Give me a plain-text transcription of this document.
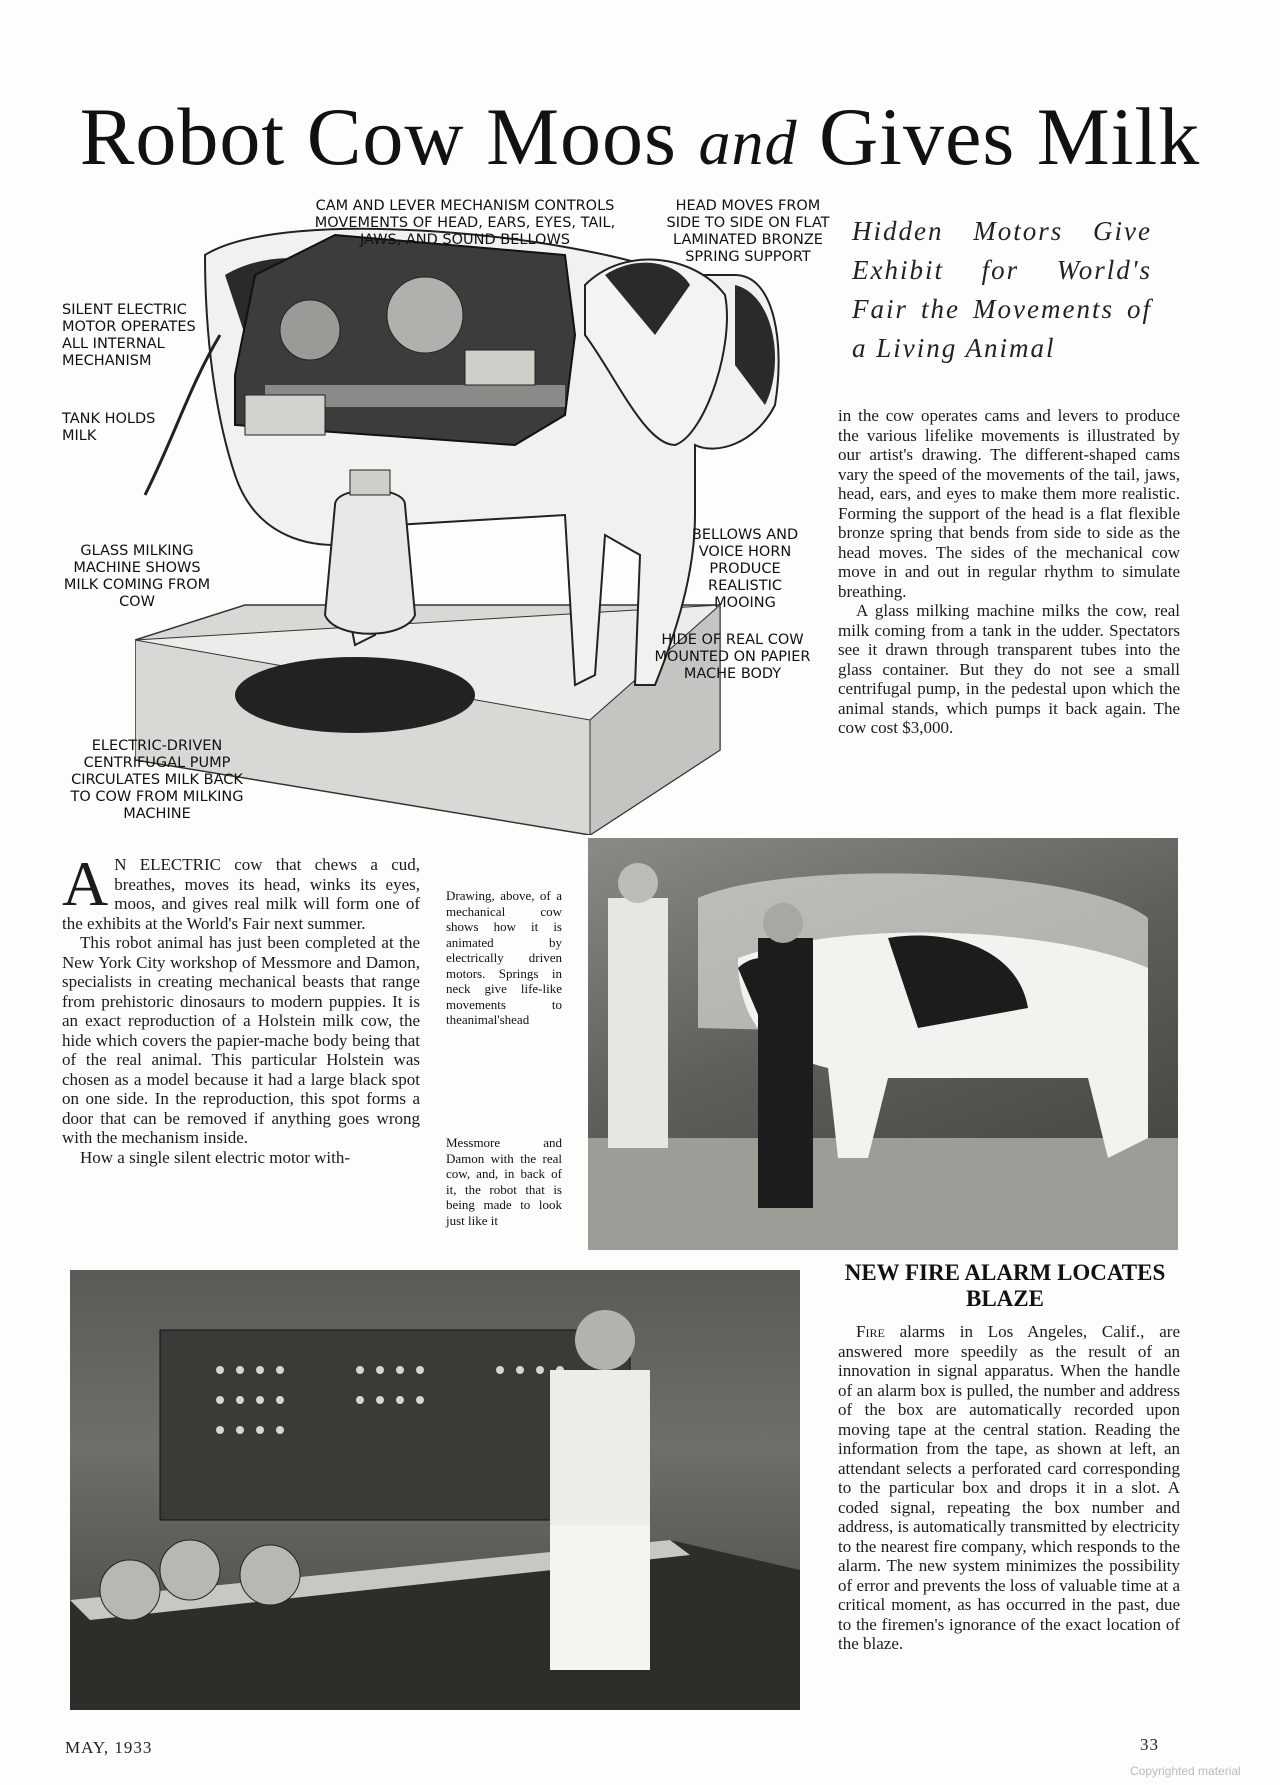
Robot Cow Moos and Gives Milk
CAM AND LEVER MECHANISM CONTROLS MOVEMENTS OF HEAD, EARS, EYES, TAIL, JAWS, AND SOUND BELLOWS
HEAD MOVES FROM SIDE TO SIDE ON FLAT LAMINATED BRONZE SPRING SUPPORT
SILENT ELECTRIC MOTOR OPERATES ALL INTERNAL MECHANISM
TANK HOLDS MILK
GLASS MILKING MACHINE SHOWS MILK COMING FROM COW
BELLOWS AND VOICE HORN PRODUCE REALISTIC MOOING
HIDE OF REAL COW MOUNTED ON PAPIER MACHE BODY
ELECTRIC-DRIVEN CENTRIFUGAL PUMP CIRCULATES MILK BACK TO COW FROM MILKING MACHINE
Hidden Motors Give Exhibit for World's Fair the Movements of a Living Animal
in the cow operates cams and levers to produce the various lifelike movements is illustrated by our artist's drawing. The different-shaped cams vary the speed of the movements of the tail, jaws, head, ears, and eyes to make them more realistic. Forming the support of the head is a flat flexible bronze spring that bends from side to side as the head moves. The sides of the mechanical cow move in and out in regular rhythm to simulate breathing.
A glass milking machine milks the cow, real milk coming from a tank in the udder. Spectators see it drawn through transparent tubes into the glass container. But they do not see a small centrifugal pump, in the pedestal upon which the animal stands, which pumps it back again. The cow cost $3,000.
A N ELECTRIC cow that chews a cud, breathes, moves its head, winks its eyes, moos, and gives real milk will form one of the exhibits at the World's Fair next summer.
This robot animal has just been completed at the New York City workshop of Messmore and Damon, specialists in creating mechanical beasts that range from prehistoric dinosaurs to modern puppies. It is an exact reproduction of a Holstein milk cow, the hide which covers the papier-mache body being that of the real animal. This particular Holstein was chosen as a model because it had a large black spot on one side. In the reproduction, this spot forms a door that can be removed if anything goes wrong with the mechanism inside.
How a single silent electric motor with-
Drawing, above, of a mechanical cow shows how it is animated by electrically driven motors. Springs in neck give life-like movements to theanimal'shead
Messmore and Damon with the real cow, and, in back of it, the robot that is being made to look just like it
NEW FIRE ALARM LOCATES BLAZE
Fire alarms in Los Angeles, Calif., are answered more speedily as the result of an innovation in signal apparatus. When the handle of an alarm box is pulled, the number and address of the box are automatically recorded upon moving tape at the central station. Reading the information from the tape, as shown at left, an attendant selects a perforated card corresponding to the particular box and drops it in a slot. A coded signal, repeating the box number and address, is automatically transmitted by electricity to the nearest fire company, which responds to the alarm. The new system minimizes the possibility of error and prevents the loss of valuable time at a critical moment, as has occurred in the past, due to the firemen's ignorance of the exact location of the blaze.
MAY, 1933	33
Copyrighted material
